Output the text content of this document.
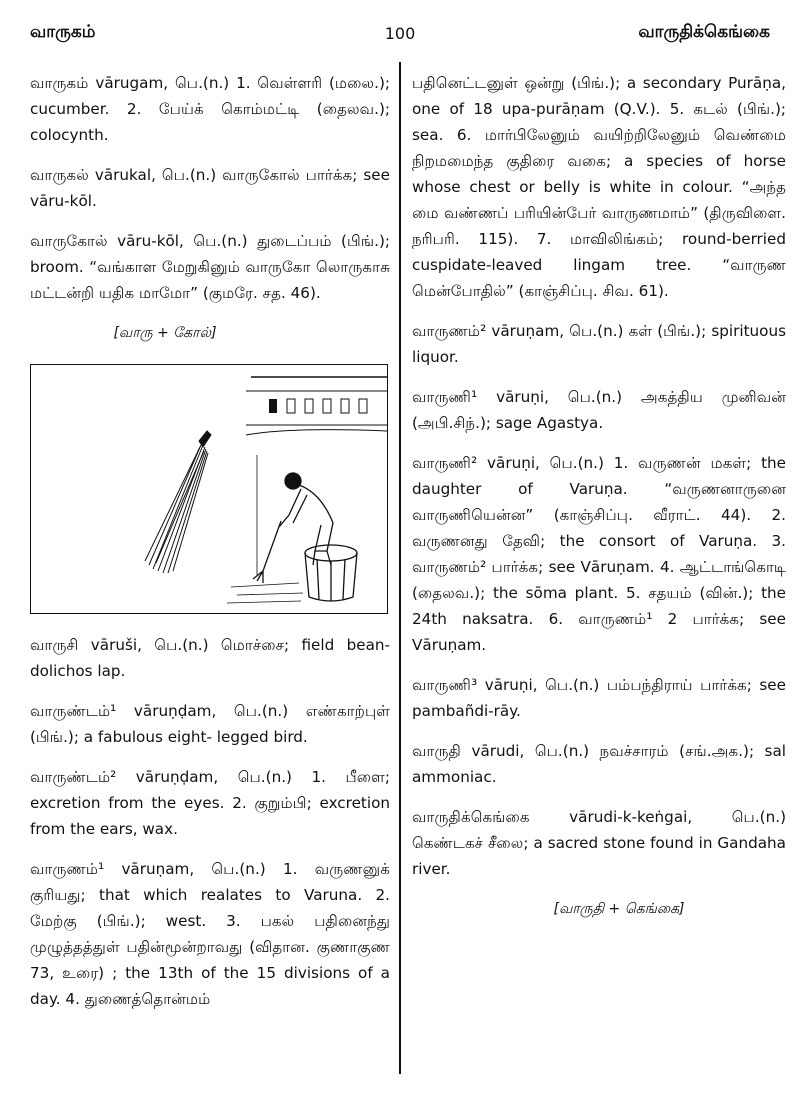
வாருகம்	100	வாருதிக்கெங்கை

வாருகம் vārugam, பெ.(n.) 1. வெள்ளரி (மலை.); cucumber. 2. பேய்க் கொம்மட்டி (தைலவ.); colocynth.

வாருகல் vārukal, பெ.(n.) வாருகோல் பார்க்க; see vāru-kōl.

வாருகோல் vāru-kōl, பெ.(n.) துடைப்பம் (பிங்.); broom. “வங்காள மேறுகினும் வாருகோ லொருகாசு மட்டன்றி யதிக மாமோ” (குமரே. சத. 46).

[வாரு + கோல்]

வாருசி vāruši, பெ.(n.) மொச்சை; field bean- dolichos lap.

வாருண்டம்¹ vāruṇḍam, பெ.(n.) எண்காற்புள் (பிங்.); a fabulous eight- legged bird.

வாருண்டம்² vāruṇḍam, பெ.(n.) 1. பீளை; excretion from the eyes. 2. குறும்பி; excretion from the ears, wax.

வாருணம்¹ vāruṇam, பெ.(n.) 1. வருணனுக் குரியது; that which realates to Varuna. 2. மேற்கு (பிங்.); west. 3. பகல் பதினைந்து முழுத்தத்துள் பதின்மூன்றாவது (விதான. குணாகுண 73, உரை) ; the 13th of the 15 divisions of a day. 4. துணைத்தொன்மம்

பதினெட்டனுள் ஒன்று (பிங்.); a secondary Purāṇa, one of 18 upa-purāṇam (Q.V.). 5. கடல் (பிங்.); sea. 6. மார்பிலேனும் வயிற்றிலேனும் வெண்மை நிறமமைந்த குதிரை வகை; a species of horse whose chest or belly is white in colour. “அந்த மை வண்ணப் பரியின்பேர் வாருணமாம்” (திருவிளை. நரிபரி. 115). 7. மாவிலிங்கம்; round-berried cuspidate-leaved lingam tree. “வாருண மென்போதில்” (காஞ்சிப்பு. சிவ. 61).

வாருணம்² vāruṇam, பெ.(n.) கள் (பிங்.); spirituous liquor.

வாருணி¹ vāruṇi, பெ.(n.) அகத்திய முனிவன் (அபி.சிந்.); sage Agastya.

வாருணி² vāruṇi, பெ.(n.) 1. வருணன் மகள்; the daughter of Varuṇa. “வருணனாருனை வாருணியென்ன” (காஞ்சிப்பு. வீராட். 44). 2. வருணனது தேவி; the consort of Varuṇa. 3. வாருணம்² பார்க்க; see Vāruṇam. 4. ஆட்டாங்கொடி (தைலவ.); the sōma plant. 5. சதயம் (வின்.); the 24th naksatra. 6. வாருணம்¹ 2 பார்க்க; see Vāruṇam.

வாருணி³ vāruṇi, பெ.(n.) பம்பந்திராய் பார்க்க; see pambañdi-rāy.

வாருதி vārudi, பெ.(n.) நவச்சாரம் (சங்.அக.); sal ammoniac.

வாருதிக்கெங்கை vārudi-k-keṅgai, பெ.(n.) கெண்டகச் சீலை; a sacred stone found in Gandaha river.

[வாருதி + கெங்கை]
